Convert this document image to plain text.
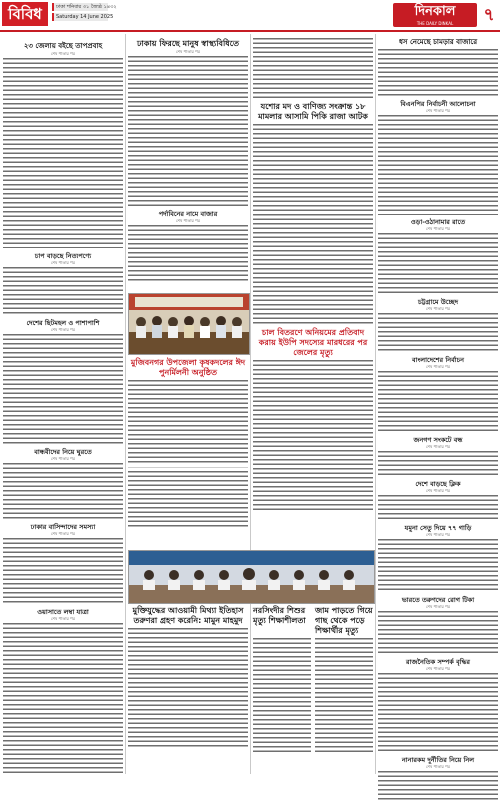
বিবিধ	ঢাকা শনিবার ৩১ জ্যৈষ্ঠ ১৪৩২
Saturday 14 June 2025	দিনকাল
THE DAILY DINKAL	৭

২৩ জেলায় বইছে তাপপ্রবাহ

শেষ পাতার পর

চাপ বাড়ছে নিত্যপণ্যে

শেষ পাতার পর

দেশের ছিটমহল ও পাশাপাশি

শেষ পাতার পর

বান্ধবীদের নিয়ে ঘুরতে

শেষ পাতার পর

ঢাকার বাসিন্দাদের সমস্যা

শেষ পাতার পর

ওয়াসাতে লম্বা যাত্রা

শেষ পাতার পর

ঢাকায় ফিরছে মানুষ স্বাস্থ্যবিধিতে

শেষ পাতার পর

পর্দাবিনের নামে বাজার

শেষ পাতার পর

মুজিবনগর উপজেলা কৃষকদলের ঈদ পুনর্মিলনী অনুষ্ঠিত

মুক্তিযুদ্ধের আওয়ামী মিথ্যা ইতিহাস তরুণরা গ্রহণ করেনি: মামুন মাহমুদ

যশোর মদ ও বাণিজ্য সংক্রান্ত ১৮ মামলার আসামি পিকি রাজা আটক

চাল বিতরণে অনিয়মের প্রতিবাদ করায় ইউপি সদস্যের মারধরের পর জেলের মৃত্যু

নরসিংদীর শিশুর মৃত্যু শিক্ষাশীলতা

জাম পাড়তে গিয়ে গাছ থেকে পড়ে শিক্ষার্থীর মৃত্যু

ধস নেমেছে চামড়ার বাজারে

বিএনপির নির্বাচনী আলোচনা

শেষ পাতার পর

ওড়া-ওঠানামার রাতে

শেষ পাতার পর

চট্টগ্রামে উচ্ছেদ

শেষ পাতার পর

বাংলাদেশের নির্বাচন

শেষ পাতার পর

জনগণ সংকটে বন্ধ

শেষ পাতার পর

দেশে বাড়ছে ক্লিক

শেষ পাতার পর

যমুনা সেতু দিয়ে ৭৭ গাড়ি

শেষ পাতার পর

ভারতে তরুণদের রোগ টিকা

শেষ পাতার পর

রাজনৈতিক সম্পর্ক বৃদ্ধির

শেষ পাতার পর

নানারকম দুর্নীতির নিয়ে নিল

শেষ পাতার পর
